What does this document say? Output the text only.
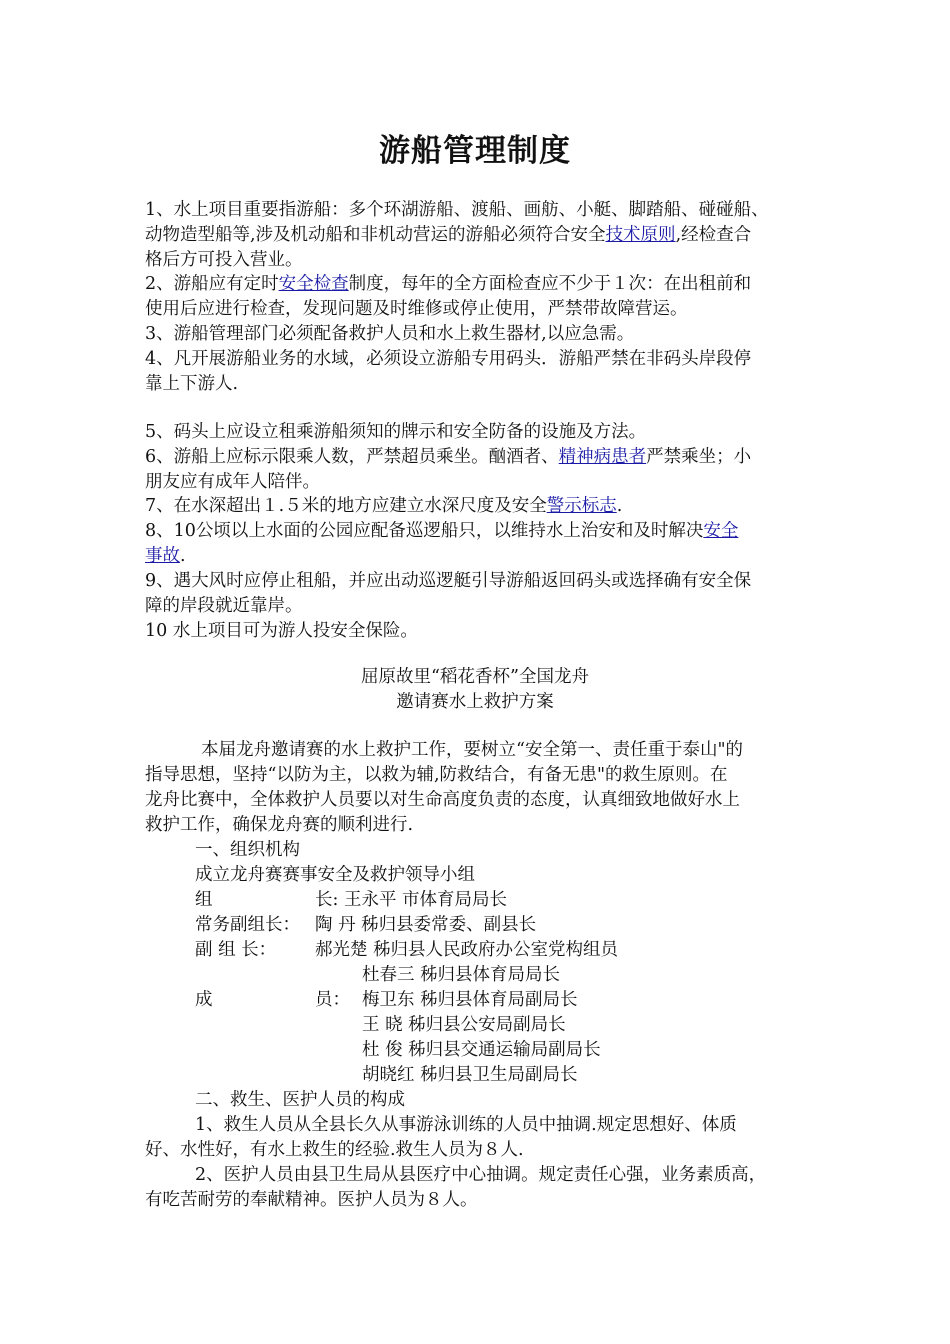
游船管理制度
1、水上项目重要指游船：多个环湖游船、渡船、画舫、小艇、脚踏船、碰碰船、
动物造型船等,涉及机动船和非机动营运的游船必须符合安全技术原则,经检查合
格后方可投入营业。
2、游船应有定时安全检查制度，每年的全方面检查应不少于１次：在出租前和
使用后应进行检查，发现问题及时维修或停止使用，严禁带故障营运。
3、游船管理部门必须配备救护人员和水上救生器材,以应急需。
4、凡开展游船业务的水域，必须设立游船专用码头．游船严禁在非码头岸段停
靠上下游人.
5、码头上应设立租乘游船须知的牌示和安全防备的设施及方法。
6、游船上应标示限乘人数，严禁超员乘坐。酗酒者、精神病患者严禁乘坐；小
朋友应有成年人陪伴。
7、在水深超出１.５米的地方应建立水深尺度及安全警示标志.
8、10公顷以上水面的公园应配备巡逻船只，以维持水上治安和及时解决安全
事故.
9、遇大风时应停止租船，并应出动巡逻艇引导游船返回码头或选择确有安全保
障的岸段就近靠岸。
10 水上项目可为游人投安全保险。
屈原故里“稻花香杯”全国龙舟
邀请赛水上救护方案
本届龙舟邀请赛的水上救护工作，要树立“安全第一、责任重于泰山"的
指导思想，坚持“以防为主，以救为辅,防救结合，有备无患"的救生原则。在
龙舟比赛中，全体救护人员要以对生命高度负责的态度，认真细致地做好水上
救护工作，确保龙舟赛的顺利进行.
一、组织机构
成立龙舟赛赛事安全及救护领导小组
组	长: 王永平 市体育局局长
常务副组长： 陶 丹 秭归县委常委、副县长
副 组 长： 郝光楚 秭归县人民政府办公室党构组员
杜春三 秭归县体育局局长
成	员： 梅卫东 秭归县体育局副局长
王 晓 秭归县公安局副局长
杜 俊 秭归县交通运输局副局长
胡晓红 秭归县卫生局副局长
二、救生、医护人员的构成
1、救生人员从全县长久从事游泳训练的人员中抽调.规定思想好、体质
好、水性好，有水上救生的经验.救生人员为８人.
2、医护人员由县卫生局从县医疗中心抽调。规定责任心强，业务素质高，
有吃苦耐劳的奉献精神。医护人员为８人。
